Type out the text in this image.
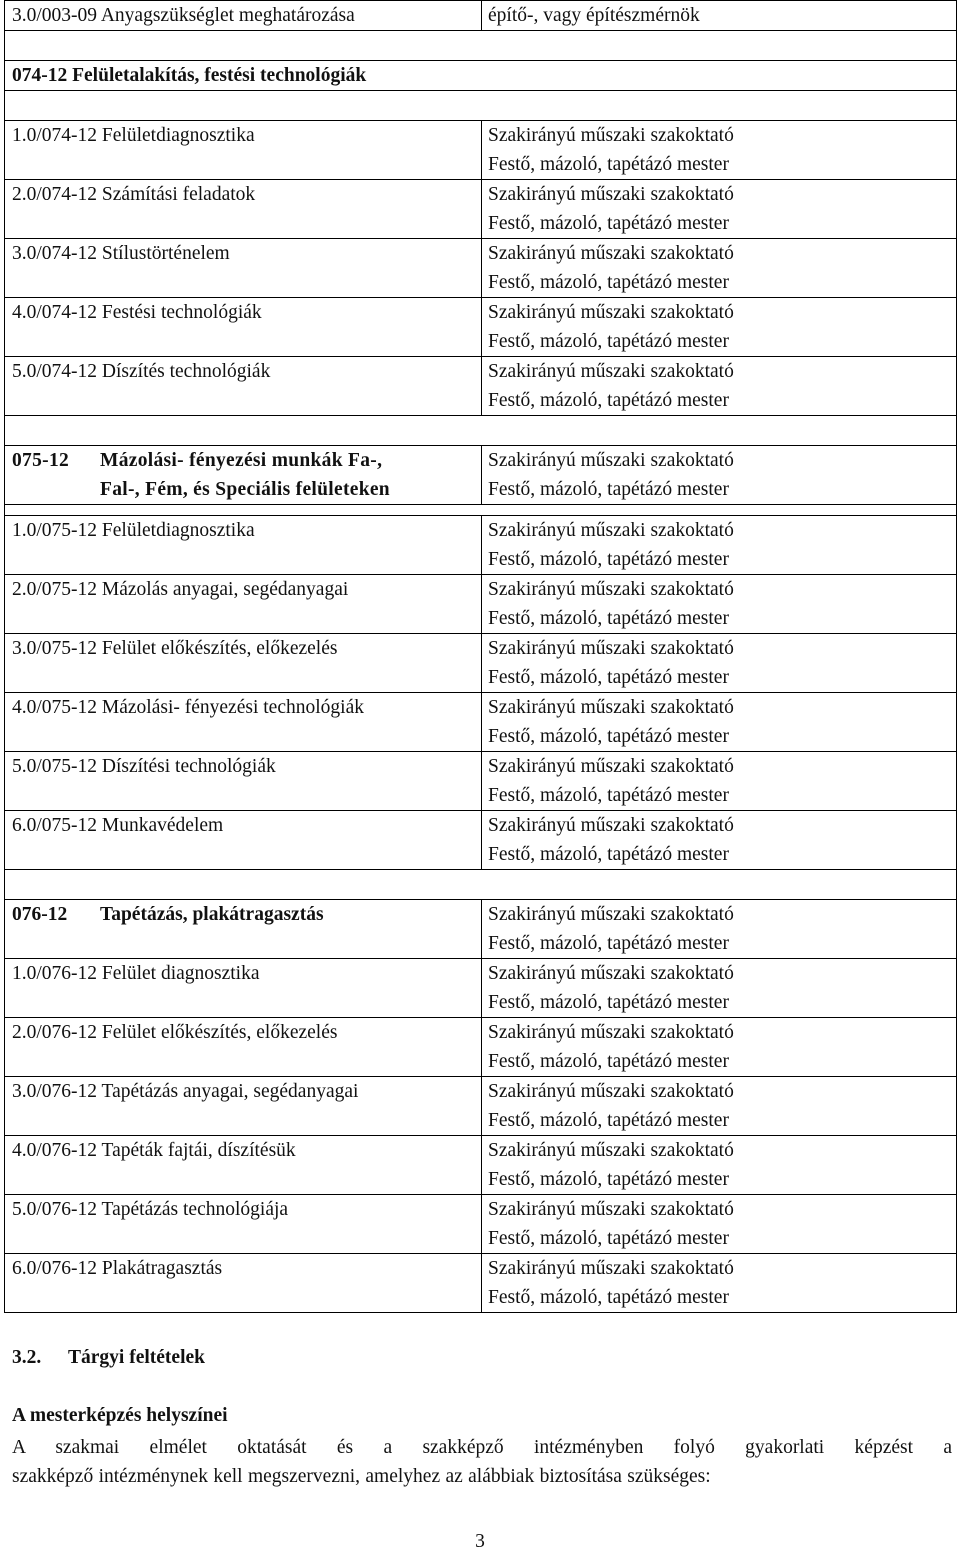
3.0/003-09 Anyagszükséglet meghatározása	építő-, vagy építészmérnök

074-12 Felületalakítás, festési technológiák	

1.0/074-12 Felületdiagnosztika	Szakirányú műszaki szakoktató
Festő, mázoló, tapétázó mester

2.0/074-12 Számítási feladatok	Szakirányú műszaki szakoktató
Festő, mázoló, tapétázó mester

3.0/074-12 Stílustörténelem	Szakirányú műszaki szakoktató
Festő, mázoló, tapétázó mester

4.0/074-12 Festési technológiák	Szakirányú műszaki szakoktató
Festő, mázoló, tapétázó mester

5.0/074-12 Díszítés technológiák	Szakirányú műszaki szakoktató
Festő, mázoló, tapétázó mester

075-12 Mázolási- fényezési munkák Fa-,
Fal-, Fém, és Speciális felületeken	Szakirányú műszaki szakoktató
Festő, mázoló, tapétázó mester

1.0/075-12 Felületdiagnosztika	Szakirányú műszaki szakoktató
Festő, mázoló, tapétázó mester

2.0/075-12 Mázolás anyagai, segédanyagai	Szakirányú műszaki szakoktató
Festő, mázoló, tapétázó mester

3.0/075-12 Felület előkészítés, előkezelés	Szakirányú műszaki szakoktató
Festő, mázoló, tapétázó mester

4.0/075-12 Mázolási- fényezési technológiák	Szakirányú műszaki szakoktató
Festő, mázoló, tapétázó mester

5.0/075-12 Díszítési technológiák	Szakirányú műszaki szakoktató
Festő, mázoló, tapétázó mester

6.0/075-12 Munkavédelem	Szakirányú műszaki szakoktató
Festő, mázoló, tapétázó mester

076-12 Tapétázás, plakátragasztás	Szakirányú műszaki szakoktató
Festő, mázoló, tapétázó mester

1.0/076-12 Felület diagnosztika	Szakirányú műszaki szakoktató
Festő, mázoló, tapétázó mester

2.0/076-12 Felület előkészítés, előkezelés	Szakirányú műszaki szakoktató
Festő, mázoló, tapétázó mester

3.0/076-12 Tapétázás anyagai, segédanyagai	Szakirányú műszaki szakoktató
Festő, mázoló, tapétázó mester

4.0/076-12 Tapéták fajtái, díszítésük	Szakirányú műszaki szakoktató
Festő, mázoló, tapétázó mester

5.0/076-12 Tapétázás technológiája	Szakirányú műszaki szakoktató
Festő, mázoló, tapétázó mester

6.0/076-12 Plakátragasztás	Szakirányú műszaki szakoktató
Festő, mázoló, tapétázó mester
3.2. Tárgyi feltételek
A mesterképzés helyszínei
A szakmai elmélet oktatását és a szakképző intézményben folyó gyakorlati képzést a
szakképző intézménynek kell megszervezni, amelyhez az alábbiak biztosítása szükséges:
3
